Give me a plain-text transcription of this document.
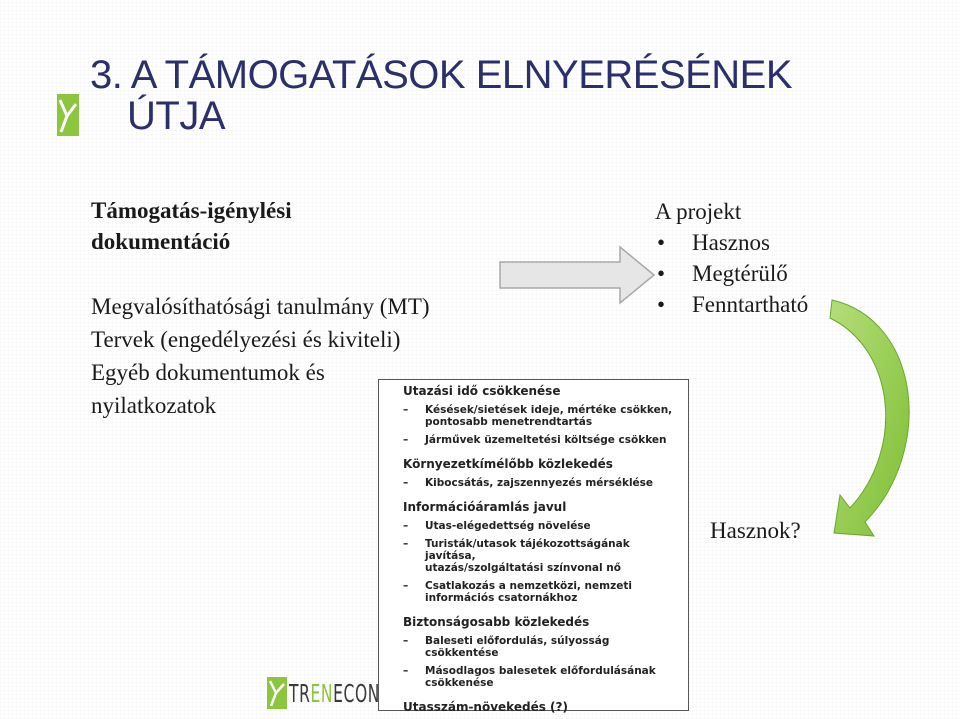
3. A TÁMOGATÁSOK ELNYERÉSÉNEK
ÚTJA
Támogatás-igénylési
dokumentáció
Megvalósíthatósági tanulmány (MT)
Tervek (engedélyezési és kiviteli)
Egyéb dokumentumok és
nyilatkozatok
A projekt
•	Hasznos
•	Megtérülő
•	Fenntartható
Hasznok?
Utazási idő csökkenése
–	Késések/sietések ideje, mértéke csökken,
pontosabb menetrendtartás
–	Járművek üzemeltetési költsége csökken
Környezetkímélőbb közlekedés
–	Kibocsátás, zajszennyezés mérséklése
Információáramlás javul
–	Utas-elégedettség növelése
–	Turisták/utasok tájékozottságának javítása,
utazás/szolgáltatási színvonal nő
–	Csatlakozás a nemzetközi, nemzeti
információs csatornákhoz
Biztonságosabb közlekedés
–	Baleseti előfordulás, súlyosság csökkentése
–	Másodlagos balesetek előfordulásának
csökkenése
Utasszám-növekedés (?)
TRENECON
